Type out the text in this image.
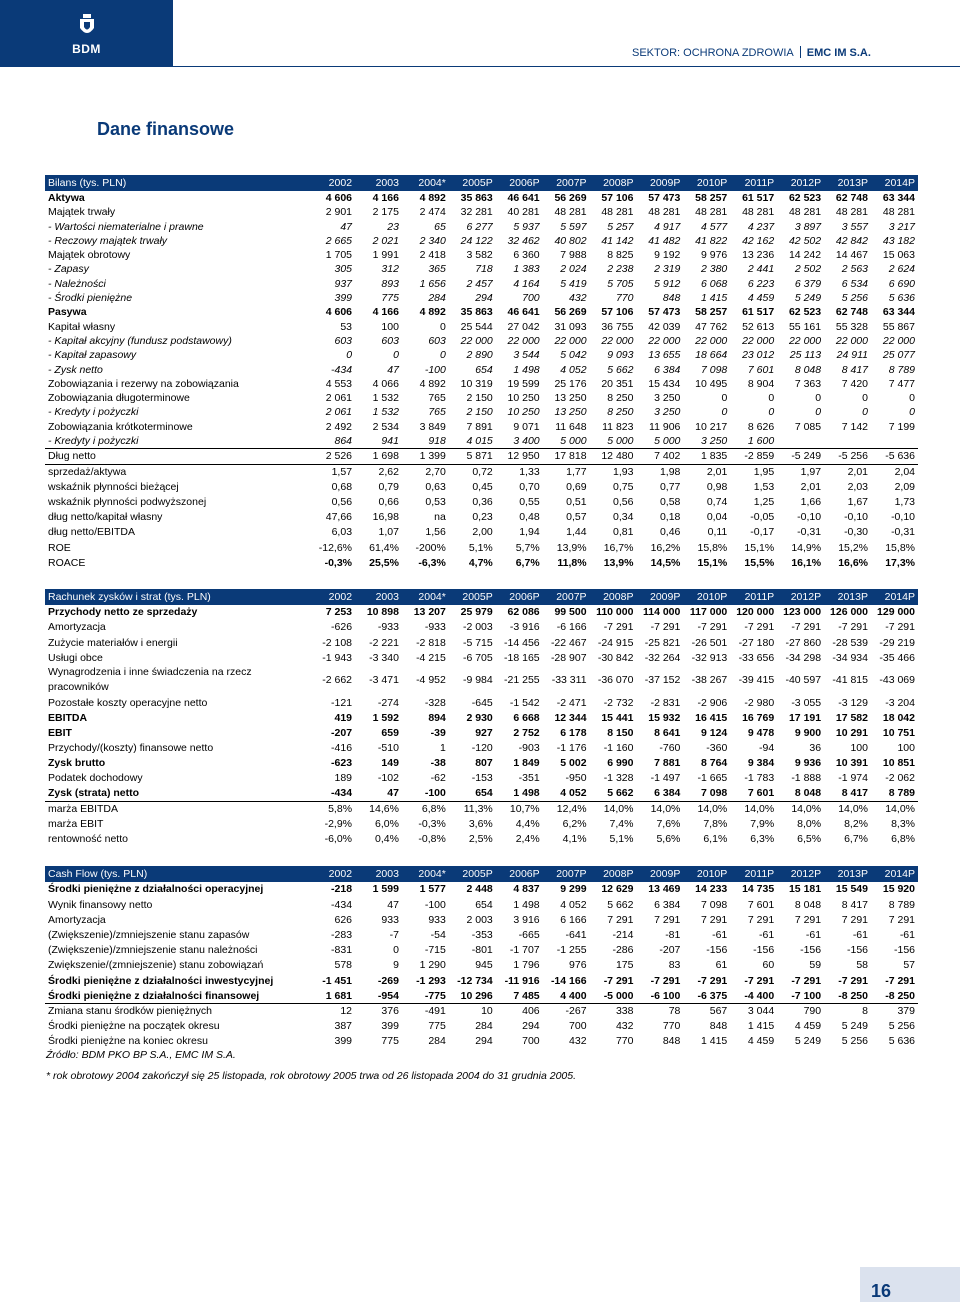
BDM	SEKTOR: OCHRONA ZDROWIA EMC IM S.A.
Dane finansowe
Bilans (tys. PLN)	2002	2003	2004*	2005P	2006P	2007P	2008P	2009P	2010P	2011P	2012P	2013P	2014P
Aktywa	4 606	4 166	4 892	35 863	46 641	56 269	57 106	57 473	58 257	61 517	62 523	62 748	63 344
Majątek trwały	2 901	2 175	2 474	32 281	40 281	48 281	48 281	48 281	48 281	48 281	48 281	48 281	48 281
- Wartości niematerialne i prawne	47	23	65	6 277	5 937	5 597	5 257	4 917	4 577	4 237	3 897	3 557	3 217
- Reczowy majątek trwały	2 665	2 021	2 340	24 122	32 462	40 802	41 142	41 482	41 822	42 162	42 502	42 842	43 182
Majątek obrotowy	1 705	1 991	2 418	3 582	6 360	7 988	8 825	9 192	9 976	13 236	14 242	14 467	15 063
- Zapasy	305	312	365	718	1 383	2 024	2 238	2 319	2 380	2 441	2 502	2 563	2 624
- Należności	937	893	1 656	2 457	4 164	5 419	5 705	5 912	6 068	6 223	6 379	6 534	6 690
- Środki pieniężne	399	775	284	294	700	432	770	848	1 415	4 459	5 249	5 256	5 636
Pasywa	4 606	4 166	4 892	35 863	46 641	56 269	57 106	57 473	58 257	61 517	62 523	62 748	63 344
Kapitał własny	53	100	0	25 544	27 042	31 093	36 755	42 039	47 762	52 613	55 161	55 328	55 867
- Kapitał akcyjny (fundusz podstawowy)	603	603	603	22 000	22 000	22 000	22 000	22 000	22 000	22 000	22 000	22 000	22 000
- Kapitał zapasowy	0	0	0	2 890	3 544	5 042	9 093	13 655	18 664	23 012	25 113	24 911	25 077
- Zysk netto	-434	47	-100	654	1 498	4 052	5 662	6 384	7 098	7 601	8 048	8 417	8 789
Zobowiązania i rezerwy na zobowiązania	4 553	4 066	4 892	10 319	19 599	25 176	20 351	15 434	10 495	8 904	7 363	7 420	7 477
Zobowiązania długoterminowe	2 061	1 532	765	2 150	10 250	13 250	8 250	3 250	0	0	0	0	0
- Kredyty i pożyczki	2 061	1 532	765	2 150	10 250	13 250	8 250	3 250	0	0	0	0	0
Zobowiązania krótkoterminowe	2 492	2 534	3 849	7 891	9 071	11 648	11 823	11 906	10 217	8 626	7 085	7 142	7 199
- Kredyty i pożyczki	864	941	918	4 015	3 400	5 000	5 000	5 000	3 250	1 600			
Dług netto	2 526	1 698	1 399	5 871	12 950	17 818	12 480	7 402	1 835	-2 859	-5 249	-5 256	-5 636
sprzedaż/aktywa	1,57	2,62	2,70	0,72	1,33	1,77	1,93	1,98	2,01	1,95	1,97	2,01	2,04
wskaźnik płynności bieżącej	0,68	0,79	0,63	0,45	0,70	0,69	0,75	0,77	0,98	1,53	2,01	2,03	2,09
wskaźnik płynności podwyższonej	0,56	0,66	0,53	0,36	0,55	0,51	0,56	0,58	0,74	1,25	1,66	1,67	1,73
dług netto/kapitał własny	47,66	16,98	na	0,23	0,48	0,57	0,34	0,18	0,04	-0,05	-0,10	-0,10	-0,10
dług netto/EBITDA	6,03	1,07	1,56	2,00	1,94	1,44	0,81	0,46	0,11	-0,17	-0,31	-0,30	-0,31
ROE	-12,6%	61,4%	-200%	5,1%	5,7%	13,9%	16,7%	16,2%	15,8%	15,1%	14,9%	15,2%	15,8%
ROACE	-0,3%	25,5%	-6,3%	4,7%	6,7%	11,8%	13,9%	14,5%	15,1%	15,5%	16,1%	16,6%	17,3%
Rachunek zysków i strat (tys. PLN)	2002	2003	2004*	2005P	2006P	2007P	2008P	2009P	2010P	2011P	2012P	2013P	2014P
Przychody netto ze sprzedaży	7 253	10 898	13 207	25 979	62 086	99 500	110 000	114 000	117 000	120 000	123 000	126 000	129 000
Amortyzacja	-626	-933	-933	-2 003	-3 916	-6 166	-7 291	-7 291	-7 291	-7 291	-7 291	-7 291	-7 291
Zużycie materiałów i energii	-2 108	-2 221	-2 818	-5 715	-14 456	-22 467	-24 915	-25 821	-26 501	-27 180	-27 860	-28 539	-29 219
Usługi obce	-1 943	-3 340	-4 215	-6 705	-18 165	-28 907	-30 842	-32 264	-32 913	-33 656	-34 298	-34 934	-35 466
Wynagrodzenia i inne świadczenia na rzecz pracowników	-2 662	-3 471	-4 952	-9 984	-21 255	-33 311	-36 070	-37 152	-38 267	-39 415	-40 597	-41 815	-43 069
Pozostałe koszty operacyjne netto	-121	-274	-328	-645	-1 542	-2 471	-2 732	-2 831	-2 906	-2 980	-3 055	-3 129	-3 204
EBITDA	419	1 592	894	2 930	6 668	12 344	15 441	15 932	16 415	16 769	17 191	17 582	18 042
EBIT	-207	659	-39	927	2 752	6 178	8 150	8 641	9 124	9 478	9 900	10 291	10 751
Przychody/(koszty) finansowe netto	-416	-510	1	-120	-903	-1 176	-1 160	-760	-360	-94	36	100	100
Zysk brutto	-623	149	-38	807	1 849	5 002	6 990	7 881	8 764	9 384	9 936	10 391	10 851
Podatek dochodowy	189	-102	-62	-153	-351	-950	-1 328	-1 497	-1 665	-1 783	-1 888	-1 974	-2 062
Zysk (strata) netto	-434	47	-100	654	1 498	4 052	5 662	6 384	7 098	7 601	8 048	8 417	8 789
marża EBITDA	5,8%	14,6%	6,8%	11,3%	10,7%	12,4%	14,0%	14,0%	14,0%	14,0%	14,0%	14,0%	14,0%
marża EBIT	-2,9%	6,0%	-0,3%	3,6%	4,4%	6,2%	7,4%	7,6%	7,8%	7,9%	8,0%	8,2%	8,3%
rentowność netto	-6,0%	0,4%	-0,8%	2,5%	2,4%	4,1%	5,1%	5,6%	6,1%	6,3%	6,5%	6,7%	6,8%
Cash Flow (tys. PLN)	2002	2003	2004*	2005P	2006P	2007P	2008P	2009P	2010P	2011P	2012P	2013P	2014P
Środki pieniężne z działalności operacyjnej	-218	1 599	1 577	2 448	4 837	9 299	12 629	13 469	14 233	14 735	15 181	15 549	15 920
Wynik finansowy netto	-434	47	-100	654	1 498	4 052	5 662	6 384	7 098	7 601	8 048	8 417	8 789
Amortyzacja	626	933	933	2 003	3 916	6 166	7 291	7 291	7 291	7 291	7 291	7 291	7 291
(Zwiększenie)/zmniejszenie stanu zapasów	-283	-7	-54	-353	-665	-641	-214	-81	-61	-61	-61	-61	-61
(Zwiększenie)/zmniejszenie stanu należności	-831	0	-715	-801	-1 707	-1 255	-286	-207	-156	-156	-156	-156	-156
Zwiększenie/(zmniejszenie) stanu zobowiązań	578	9	1 290	945	1 796	976	175	83	61	60	59	58	57
Środki pieniężne z działalności inwestycyjnej	-1 451	-269	-1 293	-12 734	-11 916	-14 166	-7 291	-7 291	-7 291	-7 291	-7 291	-7 291	-7 291
Środki pieniężne z działalności finansowej	1 681	-954	-775	10 296	7 485	4 400	-5 000	-6 100	-6 375	-4 400	-7 100	-8 250	-8 250
Zmiana stanu środków pieniężnych	12	376	-491	10	406	-267	338	78	567	3 044	790	8	379
Środki pieniężne na początek okresu	387	399	775	284	294	700	432	770	848	1 415	4 459	5 249	5 256
Środki pieniężne na koniec okresu	399	775	284	294	700	432	770	848	1 415	4 459	5 249	5 256	5 636
Źródło: BDM PKO BP S.A., EMC IM S.A.
* rok obrotowy 2004 zakończył się 25 listopada, rok obrotowy 2005 trwa od 26 listopada 2004 do 31 grudnia 2005.
16
